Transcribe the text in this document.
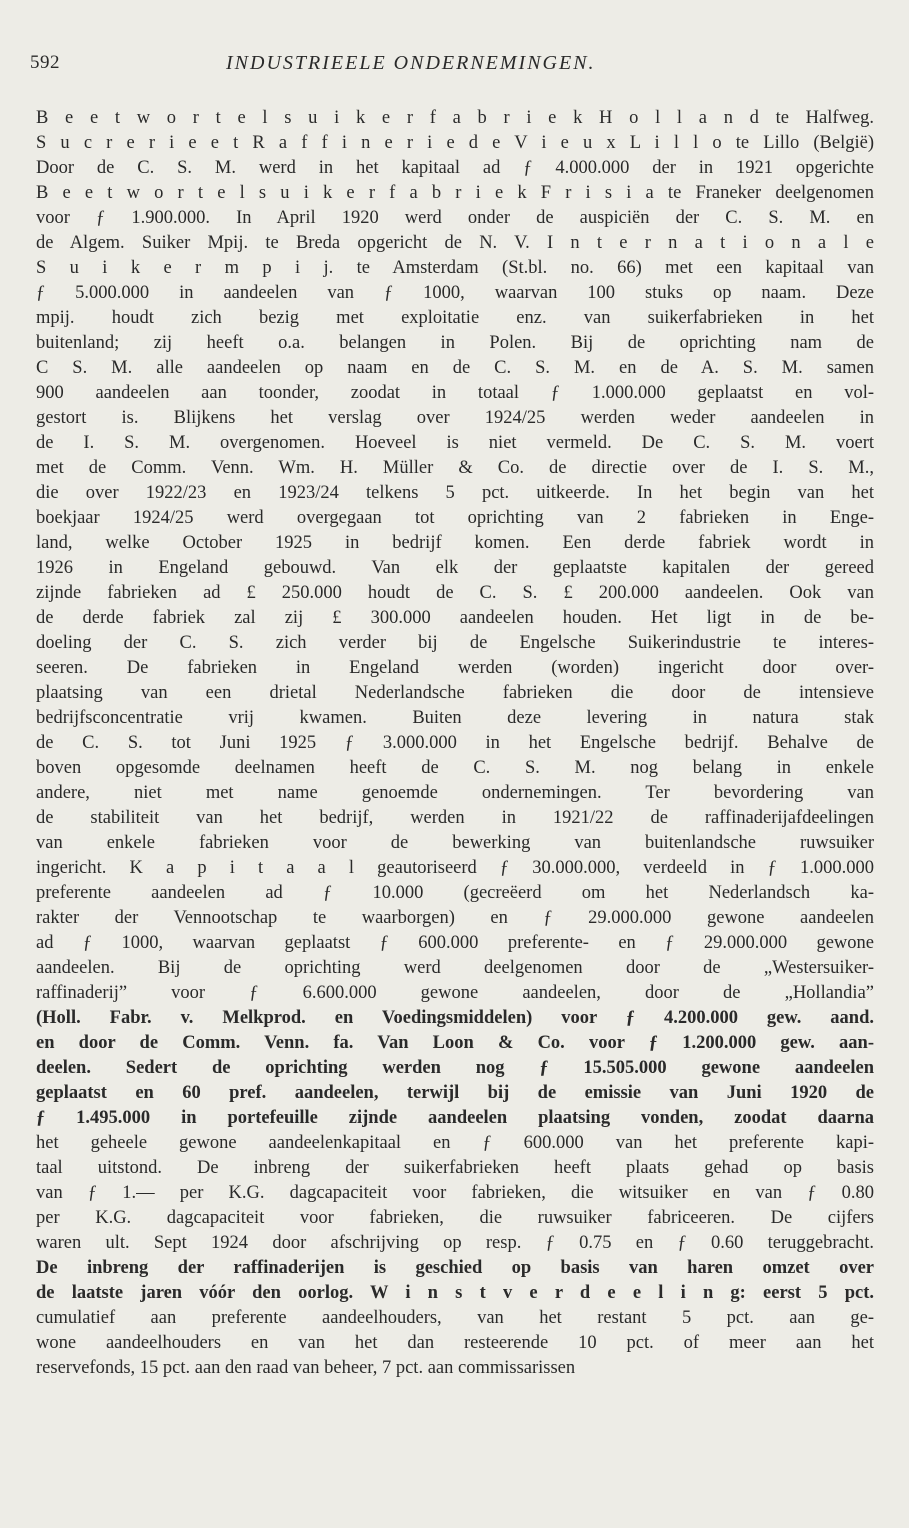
592	INDUSTRIEELE ONDERNEMINGEN.
B e e t w o r t e l s u i k e r f a b r i e k H o l l a n d te Halfweg.
S u c r e r i e e t R a f f i n e r i e d e V i e u x L i l l o te Lillo (België)
Door de C. S. M. werd in het kapitaal ad ƒ 4.000.000 der in 1921 opgerichte
B e e t w o r t e l s u i k e r f a b r i e k F r i s i a te Franeker deelgenomen
voor ƒ 1.900.000. In April 1920 werd onder de auspiciën der C. S. M. en
de Algem. Suiker Mpij. te Breda opgericht de N. V. I n t e r n a t i o n a l e
S u i k e r m p i j. te Amsterdam (St.bl. no. 66) met een kapitaal van
ƒ 5.000.000 in aandeelen van ƒ 1000, waarvan 100 stuks op naam. Deze
mpij. houdt zich bezig met exploitatie enz. van suikerfabrieken in het
buitenland; zij heeft o.a. belangen in Polen. Bij de oprichting nam de
C S. M. alle aandeelen op naam en de C. S. M. en de A. S. M. samen
900 aandeelen aan toonder, zoodat in totaal ƒ 1.000.000 geplaatst en vol-
gestort is. Blijkens het verslag over 1924/25 werden weder aandeelen in
de I. S. M. overgenomen. Hoeveel is niet vermeld. De C. S. M. voert
met de Comm. Venn. Wm. H. Müller & Co. de directie over de I. S. M.,
die over 1922/23 en 1923/24 telkens 5 pct. uitkeerde. In het begin van het
boekjaar 1924/25 werd overgegaan tot oprichting van 2 fabrieken in Enge-
land, welke October 1925 in bedrijf komen. Een derde fabriek wordt in
1926 in Engeland gebouwd. Van elk der geplaatste kapitalen der gereed
zijnde fabrieken ad £ 250.000 houdt de C. S. £ 200.000 aandeelen. Ook van
de derde fabriek zal zij £ 300.000 aandeelen houden. Het ligt in de be-
doeling der C. S. zich verder bij de Engelsche Suikerindustrie te interes-
seeren. De fabrieken in Engeland werden (worden) ingericht door over-
plaatsing van een drietal Nederlandsche fabrieken die door de intensieve
bedrijfsconcentratie vrij kwamen. Buiten deze levering in natura stak
de C. S. tot Juni 1925 ƒ 3.000.000 in het Engelsche bedrijf. Behalve de
boven opgesomde deelnamen heeft de C. S. M. nog belang in enkele
andere, niet met name genoemde ondernemingen. Ter bevordering van
de stabiliteit van het bedrijf, werden in 1921/22 de raffinaderijafdeelingen
van enkele fabrieken voor de bewerking van buitenlandsche ruwsuiker
ingericht. K a p i t a a l geautoriseerd ƒ 30.000.000, verdeeld in ƒ 1.000.000
preferente aandeelen ad ƒ 10.000 (gecreëerd om het Nederlandsch ka-
rakter der Vennootschap te waarborgen) en ƒ 29.000.000 gewone aandeelen
ad ƒ 1000, waarvan geplaatst ƒ 600.000 preferente- en ƒ 29.000.000 gewone
aandeelen. Bij de oprichting werd deelgenomen door de „Westersuiker-
raffinaderij” voor ƒ 6.600.000 gewone aandeelen, door de „Hollandia”
(Holl. Fabr. v. Melkprod. en Voedingsmiddelen) voor ƒ 4.200.000 gew. aand.
en door de Comm. Venn. fa. Van Loon & Co. voor ƒ 1.200.000 gew. aan-
deelen. Sedert de oprichting werden nog ƒ 15.505.000 gewone aandeelen
geplaatst en 60 pref. aandeelen, terwijl bij de emissie van Juni 1920 de
ƒ 1.495.000 in portefeuille zijnde aandeelen plaatsing vonden, zoodat daarna
het geheele gewone aandeelenkapitaal en ƒ 600.000 van het preferente kapi-
taal uitstond. De inbreng der suikerfabrieken heeft plaats gehad op basis
van ƒ 1.— per K.G. dagcapaciteit voor fabrieken, die witsuiker en van ƒ 0.80
per K.G. dagcapaciteit voor fabrieken, die ruwsuiker fabriceeren. De cijfers
waren ult. Sept 1924 door afschrijving op resp. ƒ 0.75 en ƒ 0.60 teruggebracht.
De inbreng der raffinaderijen is geschied op basis van haren omzet over
de laatste jaren vóór den oorlog. W i n s t v e r d e e l i n g: eerst 5 pct.
cumulatief aan preferente aandeelhouders, van het restant 5 pct. aan ge-
wone aandeelhouders en van het dan resteerende 10 pct. of meer aan het
reservefonds, 15 pct. aan den raad van beheer, 7 pct. aan commissarissen
